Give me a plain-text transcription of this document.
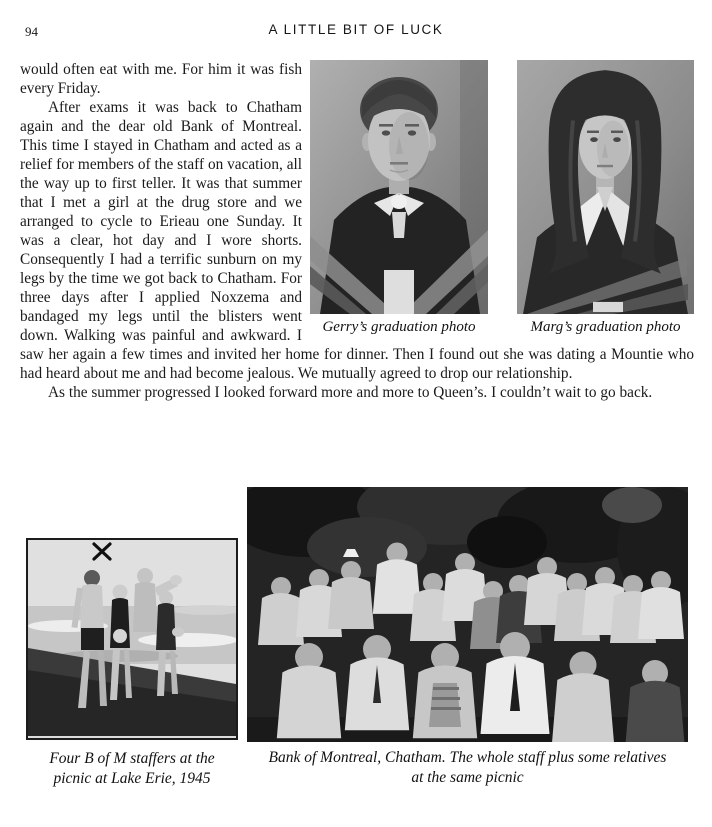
94	A LITTLE BIT OF LUCK
Gerry’s graduation photo	Marg’s graduation photo

would often eat with me. For him it was fish every Friday.

After exams it was back to Chatham again and the dear old Bank of Montreal. This time I stayed in Chatham and acted as a relief for members of the staff on vacation, all the way up to first teller. It was that summer that I met a girl at the drug store and we arranged to cycle to Erieau one Sunday. It was a clear, hot day and I wore shorts. Consequently I had a terrific sunburn on my legs by the time we got back to Chatham. For three days after I applied Noxzema and bandaged my legs until the blisters went down. Walking was painful and awkward. I saw her again a few times and invited her home for dinner. Then I found out she was dating a Mountie who had heard about me and had become jealous. We mutually agreed to drop our relationship.

As the summer progressed I looked forward more and more to Queen’s. I couldn’t wait to go back.

Four B of M staffers at the
picnic at Lake Erie, 1945
Bank of Montreal, Chatham. The whole staff plus some relatives
at the same picnic
